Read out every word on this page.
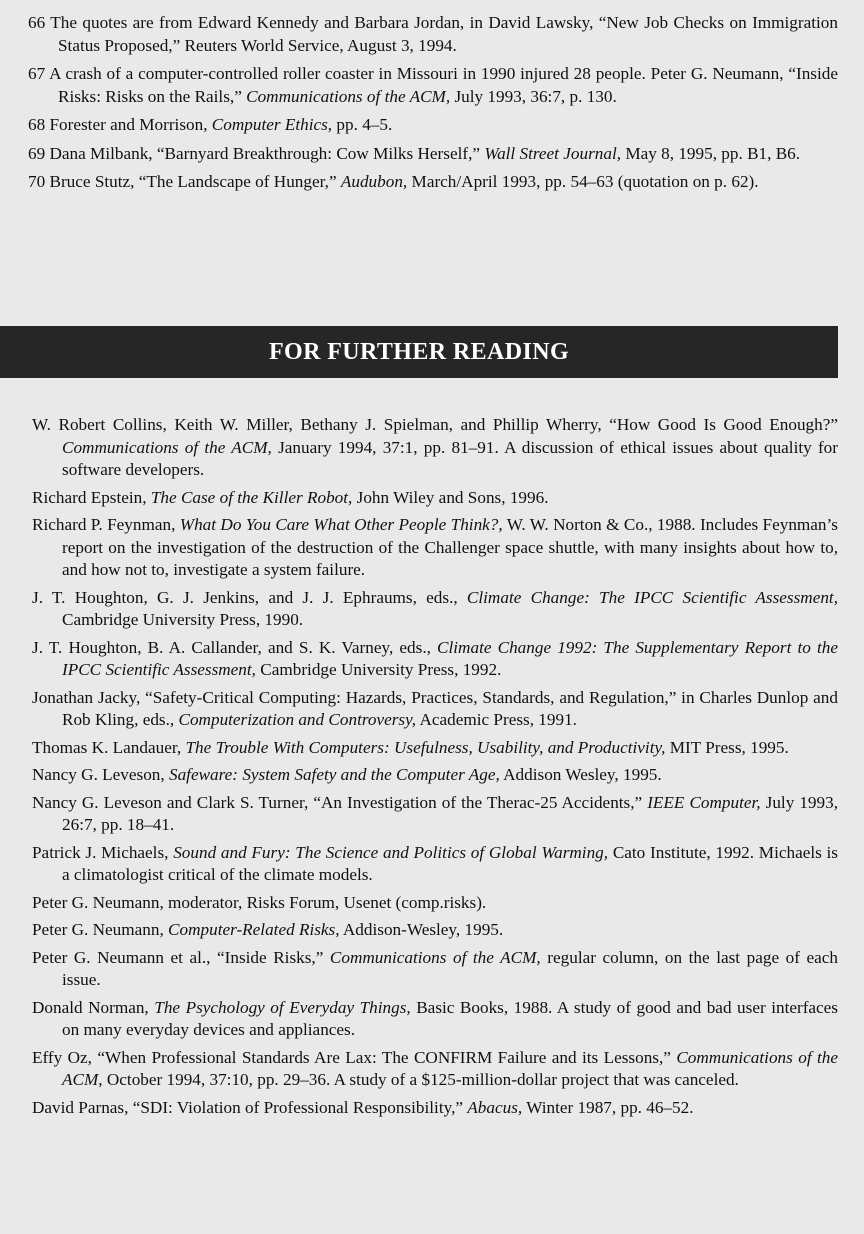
66 The quotes are from Edward Kennedy and Barbara Jordan, in David Lawsky, “New Job Checks on Immigration Status Proposed,” Reuters World Service, August 3, 1994.

67 A crash of a computer-controlled roller coaster in Missouri in 1990 injured 28 people. Peter G. Neumann, “Inside Risks: Risks on the Rails,” Communications of the ACM, July 1993, 36:7, p. 130.

68 Forester and Morrison, Computer Ethics, pp. 4–5.

69 Dana Milbank, “Barnyard Breakthrough: Cow Milks Herself,” Wall Street Journal, May 8, 1995, pp. B1, B6.

70 Bruce Stutz, “The Landscape of Hunger,” Audubon, March/April 1993, pp. 54–63 (quotation on p. 62).

FOR FURTHER READING

W. Robert Collins, Keith W. Miller, Bethany J. Spielman, and Phillip Wherry, “How Good Is Good Enough?” Communications of the ACM, January 1994, 37:1, pp. 81–91. A discussion of ethical issues about quality for software developers.

Richard Epstein, The Case of the Killer Robot, John Wiley and Sons, 1996.

Richard P. Feynman, What Do You Care What Other People Think?, W. W. Norton & Co., 1988. Includes Feynman’s report on the investigation of the destruction of the Challenger space shuttle, with many insights about how to, and how not to, investigate a system failure.

J. T. Houghton, G. J. Jenkins, and J. J. Ephraums, eds., Climate Change: The IPCC Scientific Assessment, Cambridge University Press, 1990.

J. T. Houghton, B. A. Callander, and S. K. Varney, eds., Climate Change 1992: The Supplementary Report to the IPCC Scientific Assessment, Cambridge University Press, 1992.

Jonathan Jacky, “Safety-Critical Computing: Hazards, Practices, Standards, and Regulation,” in Charles Dunlop and Rob Kling, eds., Computerization and Controversy, Academic Press, 1991.

Thomas K. Landauer, The Trouble With Computers: Usefulness, Usability, and Productivity, MIT Press, 1995.

Nancy G. Leveson, Safeware: System Safety and the Computer Age, Addison Wesley, 1995.

Nancy G. Leveson and Clark S. Turner, “An Investigation of the Therac-25 Accidents,” IEEE Computer, July 1993, 26:7, pp. 18–41.

Patrick J. Michaels, Sound and Fury: The Science and Politics of Global Warming, Cato Institute, 1992. Michaels is a climatologist critical of the climate models.

Peter G. Neumann, moderator, Risks Forum, Usenet (comp.risks).

Peter G. Neumann, Computer-Related Risks, Addison-Wesley, 1995.

Peter G. Neumann et al., “Inside Risks,” Communications of the ACM, regular column, on the last page of each issue.

Donald Norman, The Psychology of Everyday Things, Basic Books, 1988. A study of good and bad user interfaces on many everyday devices and appliances.

Effy Oz, “When Professional Standards Are Lax: The CONFIRM Failure and its Lessons,” Communications of the ACM, October 1994, 37:10, pp. 29–36. A study of a $125-million-dollar project that was canceled.

David Parnas, “SDI: Violation of Professional Responsibility,” Abacus, Winter 1987, pp. 46–52.
